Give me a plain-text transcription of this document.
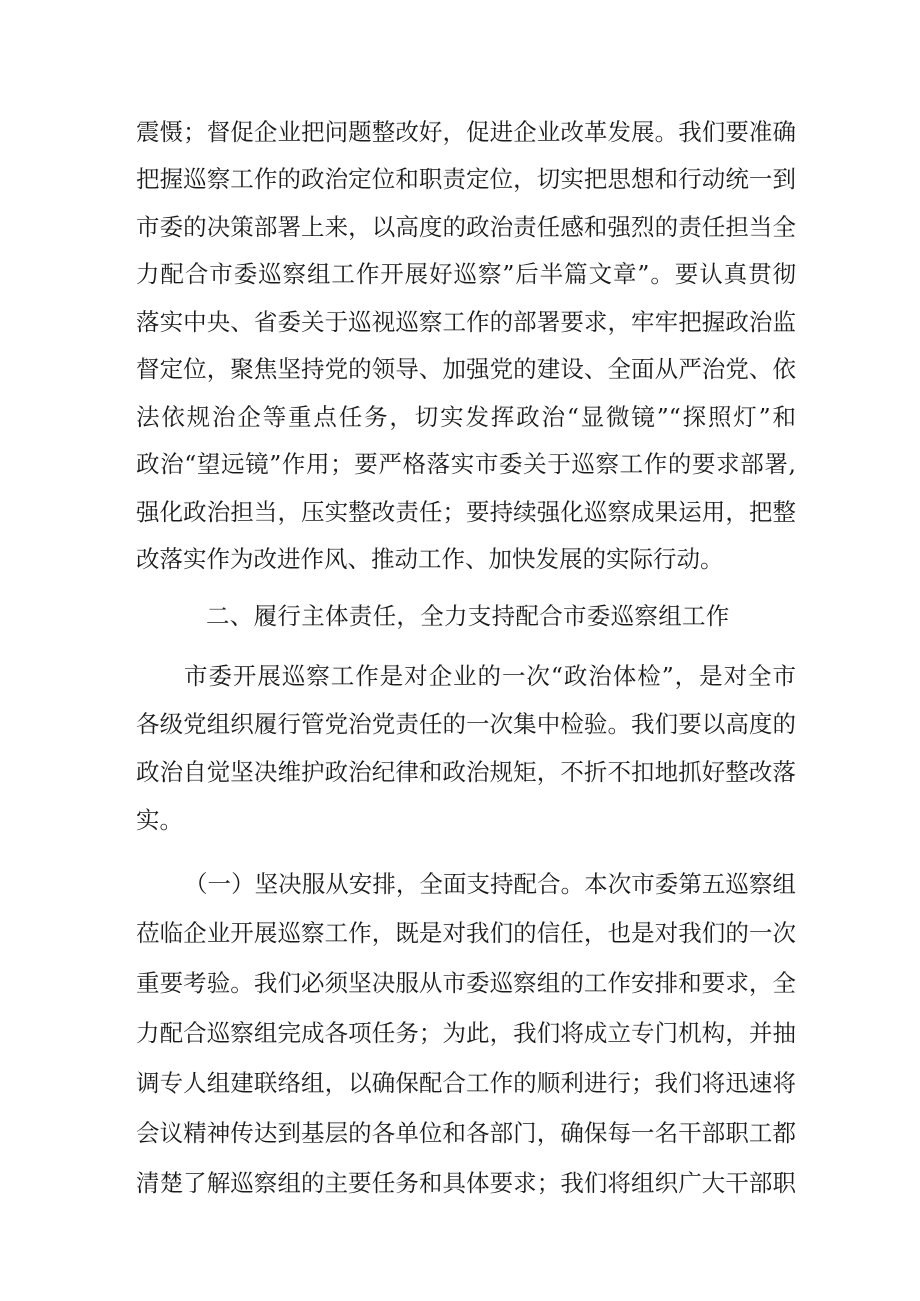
震慑；督促企业把问题整改好，促进企业改革发展。我们要准确
把握巡察工作的政治定位和职责定位，切实把思想和行动统一到
市委的决策部署上来，以高度的政治责任感和强烈的责任担当全
力配合市委巡察组工作开展好巡察”后半篇文章”。要认真贯彻
落实中央、省委关于巡视巡察工作的部署要求，牢牢把握政治监
督定位，聚焦坚持党的领导、加强党的建设、全面从严治党、依
法依规治企等重点任务，切实发挥政治“显微镜”“探照灯”和
政治“望远镜”作用；要严格落实市委关于巡察工作的要求部署,
强化政治担当，压实整改责任；要持续强化巡察成果运用，把整
改落实作为改进作风、推动工作、加快发展的实际行动。
二、履行主体责任，全力支持配合市委巡察组工作
市委开展巡察工作是对企业的一次“政治体检”，是对全市
各级党组织履行管党治党责任的一次集中检验。我们要以高度的
政治自觉坚决维护政治纪律和政治规矩，不折不扣地抓好整改落
实。
（一）坚决服从安排，全面支持配合。本次市委第五巡察组
莅临企业开展巡察工作，既是对我们的信任，也是对我们的一次
重要考验。我们必须坚决服从市委巡察组的工作安排和要求，全
力配合巡察组完成各项任务；为此，我们将成立专门机构，并抽
调专人组建联络组，以确保配合工作的顺利进行；我们将迅速将
会议精神传达到基层的各单位和各部门，确保每一名干部职工都
清楚了解巡察组的主要任务和具体要求；我们将组织广大干部职
